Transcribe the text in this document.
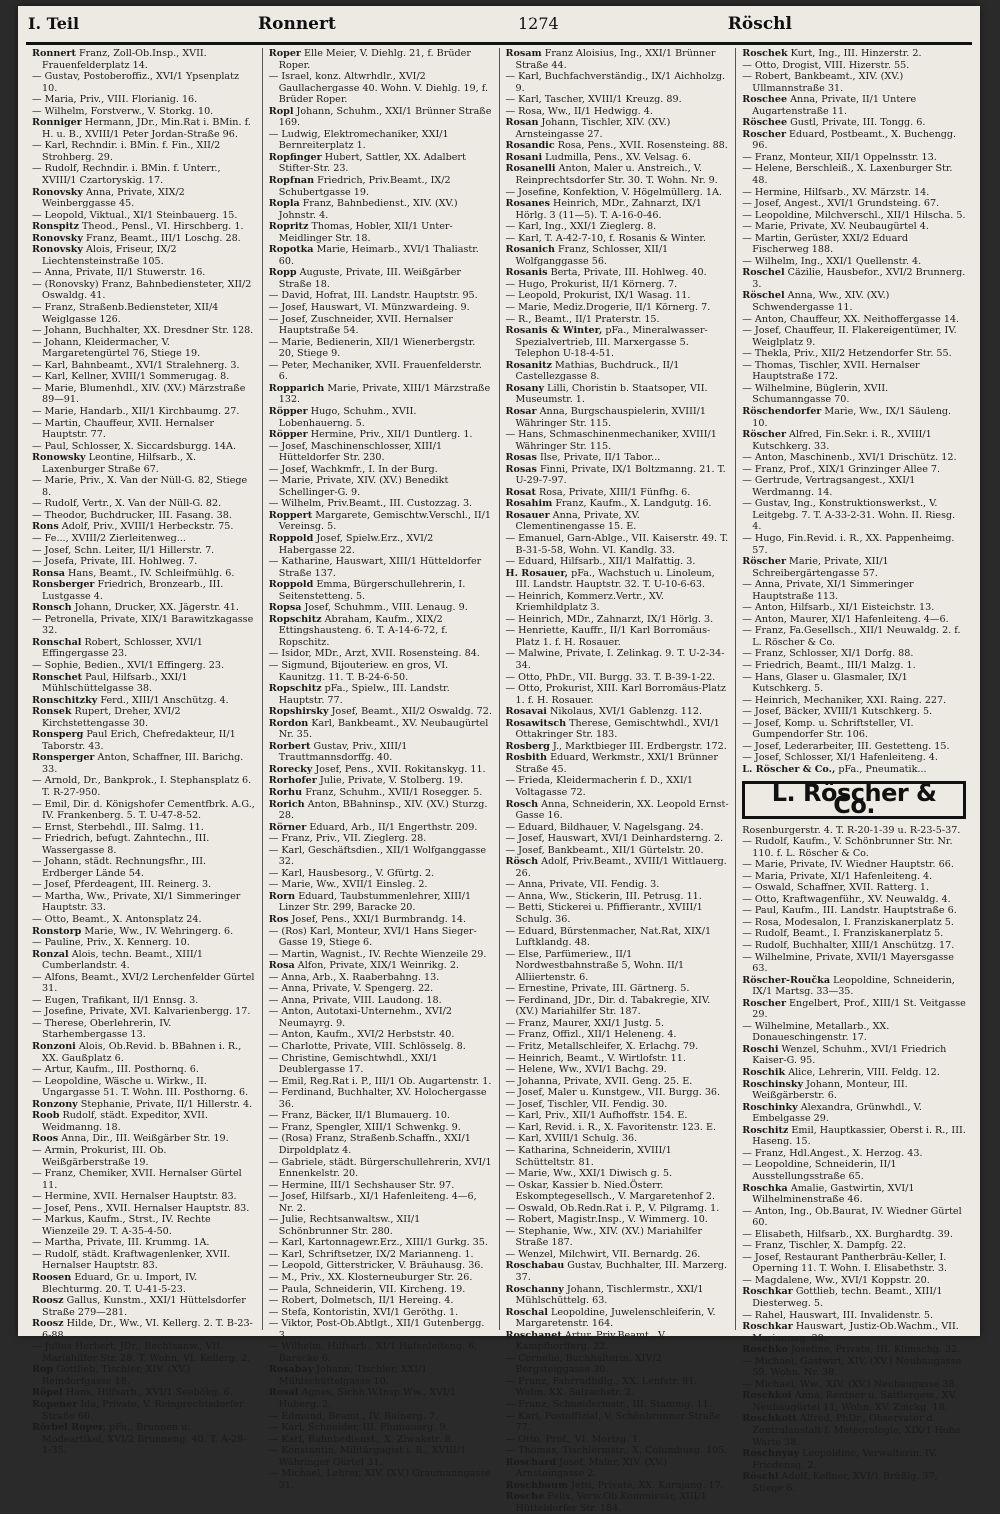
I. Teil	Ronnert	1274	Röschl

Ronnert Franz, Zoll-Ob.Insp., XVII. Frauenfelderplatz 14.

— Gustav, Postoberoffiz., XVI/1 Ypsenplatz 10.

— Maria, Priv., VIII. Florianig. 16.

— Wilhelm, Forstverw., V. Storkg. 10.

Ronniger Hermann, JDr., Min.Rat i. BMin. f. H. u. B., XVIII/1 Peter Jordan-Straße 96.

— Karl, Rechndir. i. BMin. f. Fin., XII/2 Strohberg. 29.

— Rudolf, Rechndir. i. BMin. f. Unterr., XVIII/1 Czartoryskig. 17.

Ronovsky Anna, Private, XIX/2 Weinberggasse 45.

— Leopold, Viktual., XI/1 Steinbauerg. 15.

Ronspitz Theod., Pensl., VI. Hirschberg. 1.

Ronovsky Franz, Beamt., III/1 Loschg. 28.

Ronovsky Alois, Friseur, IX/2 Liechtensteinstraße 105.

— Anna, Private, II/1 Stuwerstr. 16.

— (Ronovsky) Franz, Bahnbediensteter, XII/2 Oswaldg. 41.

— Franz, Straßenb.Bediensteter, XII/4 Weiglgasse 126.

— Johann, Buchhalter, XX. Dresdner Str. 128.

— Johann, Kleidermacher, V. Margaretengürtel 76, Stiege 19.

— Karl, Bahnbeamt., XVI/1 Stralehnerg. 3.

— Karl, Kellner, XVIII/1 Sommerugag. 8.

— Marie, Blumenhdl., XIV. (XV.) Märzstraße 89—91.

— Marie, Handarb., XII/1 Kirchbaumg. 27.

— Martin, Chauffeur, XVII. Hernalser Hauptstr. 77.

— Paul, Schlosser, X. Siccardsburgg. 14A.

Ronowsky Leontine, Hilfsarb., X. Laxenburger Straße 67.

— Marie, Priv., X. Van der Nüll-G. 82, Stiege 8.

— Rudolf, Vertr., X. Van der Nüll-G. 82.

— Theodor, Buchdrucker, III. Fasang. 38.

Rons Adolf, Priv., XVIII/1 Herbeckstr. 75.

— Fe..., XVIII/2 Zierleitenweg...

— Josef, Schn. Leiter, II/1 Hillerstr. 7.

— Josefa, Private, III. Hohlweg. 7.

Ronsa Hans, Beamt., IV. Schleifmühlg. 6.

Ronsberger Friedrich, Bronzearb., III. Lustgasse 4.

Ronsch Johann, Drucker, XX. Jägerstr. 41.

— Petronella, Private, XIX/1 Barawitzkagasse 32.

Ronschal Robert, Schlosser, XVI/1 Effingergasse 23.

— Sophie, Bedien., XVI/1 Effingerg. 23.

Ronschet Paul, Hilfsarb., XXI/1 Mühlschüttelgasse 38.

Ronschitzky Ferd., XIII/1 Anschützg. 4.

Ronsek Rupert, Dreher, XVI/2 Kirchstettengasse 30.

Ronsperg Paul Erich, Chefredakteur, II/1 Taborstr. 43.

Ronsperger Anton, Schaffner, III. Barichg. 33.

— Arnold, Dr., Bankprok., I. Stephansplatz 6. T. R-27-950.

— Emil, Dir. d. Königshofer Cementfbrk. A.G., IV. Frankenberg. 5. T. U-47-8-52.

— Ernst, Sterbehdl., III. Salmg. 11.

— Friedrich, befugt. Zahntechn., III. Wassergasse 8.

— Johann, städt. Rechnungsfhr., III. Erdberger Lände 54.

— Josef, Pferdeagent, III. Reinerg. 3.

— Martha, Ww., Private, XI/1 Simmeringer Hauptstr. 33.

— Otto, Beamt., X. Antonsplatz 24.

Ronstorp Marie, Ww., IV. Wehringerg. 6.

— Pauline, Priv., X. Kennerg. 10.

Ronzal Alois, techn. Beamt., XIII/1 Cumberlandstr. 4.

— Alfons, Beamt., XVI/2 Lerchenfelder Gürtel 31.

— Eugen, Trafikant, II/1 Ennsg. 3.

— Josefine, Private, XVI. Kalvarienbergg. 17.

— Therese, Oberlehrerin, IV. Starhembergasse 13.

Ronzoni Alois, Ob.Revid. b. BBahnen i. R., XX. Gaußplatz 6.

— Artur, Kaufm., III. Posthornq. 6.

— Leopoldine, Wäsche u. Wirkw., II. Ungargasse 51. T. Wohn. III. Posthorng. 6.

Ronzony Stephanie, Private, II/1 Hillerstr. 4.

Roob Rudolf, städt. Expeditor, XVII. Weidmanng. 18.

Roos Anna, Dir., III. Weißgärber Str. 19.

— Armin, Prokurist, III. Ob. Weißgärberstraße 19.

— Franz, Chemiker, XVII. Hernalser Gürtel 11.

— Hermine, XVII. Hernalser Hauptstr. 83.

— Josef, Pens., XVII. Hernalser Hauptstr. 83.

— Markus, Kaufm., Strst., IV. Rechte Wienzeile 29. T. A-35-4-50.

— Martha, Private, III. Krummg. 1A.

— Rudolf, städt. Kraftwagenlenker, XVII. Hernalser Hauptstr. 83.

Roosen Eduard, Gr. u. Import, IV. Blechturmg. 20. T. U-41-5-23.

Roosz Gallus, Kunstm., XXI/1 Hüttelsdorfer Straße 279—281.

Roosz Hilde, Dr., Ww., VI. Kellerg. 2. T. B-23-6-88.

— Julius Herbert, JDr., Rechtsanw., VII. Mariahilfer Str. 28. T. Wohn. VI. Kellerg. 2.

Rop Gottlieb, Tischler, XIV. (XV.) Reindorfgasse 18.

Röpel Hans, Hilfsarb., XVI/1 Seebökg. 6.

Ropener Ida, Private, V. Reinprechtsdorfer Straße 60.

Rörbel Roper, pFa., Brunnen u. Modeartikel, XVI/2 Brunneng. 40. T. A-28-1-35.

Roper Elle Meier, V. Diehlg. 21, f. Brüder Roper.

— Israel, konz. Altwrhdlr., XVI/2 Gaullachergasse 40. Wohn. V. Diehlg. 19, f. Brüder Roper.

Ropl Johann, Schuhm., XXI/1 Brünner Straße 169.

— Ludwig, Elektromechaniker, XXI/1 Bernreiterplatz 1.

Ropfinger Hubert, Sattler, XX. Adalbert Stifter-Str. 23.

Ropfnan Friedrich, Priv.Beamt., IX/2 Schubertgasse 19.

Ropla Franz, Bahnbedienst., XIV. (XV.) Johnstr. 4.

Ropritz Thomas, Hobler, XII/1 Unter-Meidlinger Str. 18.

Ropotka Marie, Heimarb., XVI/1 Thaliastr. 60.

Ropp Auguste, Private, III. Weißgärber Straße 18.

— David, Hofrat, III. Landstr. Hauptstr. 95.

— Josef, Hauswart, VI. Münzwardeing. 9.

— Josef, Zuschneider, XVII. Hernalser Hauptstraße 54.

— Marie, Bedienerin, XII/1 Wienerbergstr. 20, Stiege 9.

— Peter, Mechaniker, XVII. Frauenfelderstr. 6.

Ropparich Marie, Private, XIII/1 Märzstraße 132.

Röpper Hugo, Schuhm., XVII. Lobenhauerng. 5.

Röpper Hermine, Priv., XII/1 Duntlerg. 1.

— Josef, Maschinenschlosser, XIII/1 Hütteldorfer Str. 230.

— Josef, Wachkmfr., I. In der Burg.

— Marie, Private, XIV. (XV.) Benedikt Schellinger-G. 9.

— Wilhelm, Priv.Beamt., III. Custozzag. 3.

Roppert Margarete, Gemischtw.Verschl., II/1 Vereinsg. 5.

Roppold Josef, Spielw.Erz., XVI/2 Habergasse 22.

— Katharine, Hauswart, XIII/1 Hütteldorfer Straße 137.

Roppold Emma, Bürgerschullehrerin, I. Seitenstetteng. 5.

Ropsa Josef, Schuhmm., VIII. Lenaug. 9.

Ropschitz Abraham, Kaufm., XIX/2 Ettingshausteng. 6. T. A-14-6-72, f. Ropschitz.

— Isidor, MDr., Arzt, XVII. Rosensteing. 84.

— Sigmund, Bijouteriew. en gros, VI. Kaunitzg. 11. T. B-24-6-50.

Ropschitz pFa., Spielw., III. Landstr. Hauptstr. 77.

Ropshirsky Josef, Beamt., XII/2 Oswaldg. 72.

Rordon Karl, Bankbeamt., XV. Neubaugürtel Nr. 35.

Rorbert Gustav, Priv., XIII/1 Trauttmannsdorffg. 40.

Rorecky Josef, Pens., XVII. Rokitanskyg. 11.

Rorhofer Julie, Private, V. Stolberg. 19.

Rorhu Franz, Schuhm., XVII/1 Rosegger. 5.

Rorich Anton, BBahninsp., XIV. (XV.) Sturzg. 28.

Rörner Eduard, Arb., II/1 Engerthstr. 209.

— Franz, Priv., VII. Zieglerg. 28.

— Karl, Geschäftsdien., XII/1 Wolfganggasse 32.

— Karl, Hausbesorg., V. Gfürtg. 2.

— Marie, Ww., XVII/1 Einsleg. 2.

Rorn Eduard, Taubstummenlehrer, XIII/1 Linzer Str. 299, Baracke 20.

Ros Josef, Pens., XXI/1 Burmbrandg. 14.

— (Ros) Karl, Monteur, XVI/1 Hans Sieger-Gasse 19, Stiege 6.

— Martin, Wagnist., IV. Rechte Wienzeile 29.

Rosa Alfon, Private, XIX/1 Weinrikg. 2.

— Anna, Arb., X. Raaberbahng. 13.

— Anna, Private, V. Spengerg. 22.

— Anna, Private, VIII. Laudong. 18.

— Anton, Autotaxi-Unternehm., XVI/2 Neumayrg. 9.

— Anton, Kaufm., XVI/2 Herbststr. 40.

— Charlotte, Private, VIII. Schlösselg. 8.

— Christine, Gemischtwhdl., XXI/1 Deublergasse 17.

— Emil, Reg.Rat i. P., III/1 Ob. Augartenstr. 1.

— Ferdinand, Buchhalter, XV. Holochergasse 36.

— Franz, Bäcker, II/1 Blumauerg. 10.

— Franz, Spengler, XIII/1 Schwenkg. 9.

— (Rosa) Franz, Straßenb.Schaffn., XXI/1 Dirpoldplatz 4.

— Gabriele, städt. Bürgerschullehrerin, XVI/1 Ennenkelstr. 20.

— Hermine, III/1 Sechshauser Str. 97.

— Josef, Hilfsarb., XI/1 Hafenleiteng. 4—6, Nr. 2.

— Julie, Rechtsanwaltsw., XII/1 Schönbrunner Str. 280.

— Karl, Kartonnagewr.Erz., XIII/1 Gurkg. 35.

— Karl, Schriftsetzer, IX/2 Marianneng. 1.

— Leopold, Gitterstricker, V. Bräuhausg. 36.

— M., Priv., XX. Klosterneuburger Str. 26.

— Paula, Schneiderin, VII. Kircheng. 19.

— Robert, Dolmetsch, II/1 Hereing. 4.

— Stefa, Kontoristin, XVI/1 Geröthg. 1.

— Viktor, Post-Ob.Abtlgt., XII/1 Gutenbergg. 3.

— Wilhelm, Hilfsarb., XI/1 Hafenleiteng. 6, Baracke 6.

Rosabay Johann, Tischler, XXI/1 Mühlschüttelgasse 10.

Rosal Agnes, Sichh.W.Insp.Ww., XVI/1 Huberg. 2.

— Edmund, Beamt., IV. Rainerg. 7.

— Karl, Schneider, III. Plumauerg. 9.

— Karl, Bahnbedienst., X. Ziwakstr. 8.

— Konstantin, Militärgagist i. R., XVIII/1 Währinger Gürtel 31.

— Michael, Lehrer, XIV. (XV.) Graumanngasse 31.

Rosam Franz Aloisius, Ing., XXI/1 Brünner Straße 44.

— Karl, Buchfachverständig., IX/1 Aichholzg. 9.

— Karl, Tascher, XVIII/1 Kreuzg. 89.

— Rosa, Ww., II/1 Hedwigg. 4.

Rosan Johann, Tischler, XIV. (XV.) Arnsteingasse 27.

Rosandic Rosa, Pens., XVII. Rosensteing. 88.

Rosani Ludmilla, Pens., XV. Velsag. 6.

Rosanelli Anton, Maler u. Anstreich., V. Reinprechtsdorfer Str. 30. T. Wohn. Nr. 9.

— Josefine, Konfektion, V. Högelmüllerg. 1A.

Rosanes Heinrich, MDr., Zahnarzt, IX/1 Hörlg. 3 (11—5). T. A-16-0-46.

— Karl, Ing., XXI/1 Zieglerg. 8.

— Karl, T. A-42-7-10, f. Rosanis & Winter.

Rosanich Franz, Schlosser, XII/1 Wolfganggasse 56.

Rosanis Berta, Private, III. Hohlweg. 40.

— Hugo, Prokurist, II/1 Körnerg. 7.

— Leopold, Prokurist, IX/1 Wasag. 11.

— Marie, Mediz.Drogerie, II/1 Körnerg. 7.

— R., Beamt., II/1 Praterstr. 15.

Rosanis & Winter, pFa., Mineralwasser-Spezialvertrieb, III. Marxergasse 5. Telephon U-18-4-51.

Rosanitz Mathias, Buchdruck., II/1 Castellezgasse 8.

Rosany Lilli, Choristin b. Staatsoper, VII. Museumstr. 1.

Rosar Anna, Burgschauspielerin, XVIII/1 Währinger Str. 115.

— Hans, Schmaschinenmechaniker, XVIII/1 Währinger Str. 115.

Rosas Ilse, Private, II/1 Tabor...

Rosas Finni, Private, IX/1 Boltzmanng. 21. T. U-29-7-97.

Rosat Rosa, Private, XIII/1 Fünfhg. 6.

Rosahim Franz, Kaufm., X. Landgutg. 16.

Rosauer Anna, Private, XV. Clementinengasse 15. E.

— Emanuel, Garn-Ablge., VII. Kaiserstr. 49. T. B-31-5-58, Wohn. VI. Kandlg. 33.

— Eduard, Hilfsarb., XII/1 Malfattig. 3.

H. Rosauer, pFa., Wachstuch u. Linoleum, III. Landstr. Hauptstr. 32. T. U-10-6-63.

— Heinrich, Kommerz.Vertr., XV. Kriemhildplatz 3.

— Heinrich, MDr., Zahnarzt, IX/1 Hörlg. 3.

— Henriette, Kauffr., II/1 Karl Borromäus-Platz 1. f. H. Rosauer.

— Malwine, Private, I. Zelinkag. 9. T. U-2-34-34.

— Otto, PhDr., VII. Burgg. 33. T. B-39-1-22.

— Otto, Prokurist, XIII. Karl Borromäus-Platz 1. f. H. Rosauer.

Rosavai Nikolaus, XVI/1 Gablenzg. 112.

Rosawitsch Therese, Gemischtwhdl., XVI/1 Ottakringer Str. 183.

Rosberg J., Marktbieger III. Erdbergstr. 172.

Rosbith Eduard, Werkmstr., XXI/1 Brünner Straße 45.

— Frieda, Kleidermacherin f. D., XXI/1 Voltagasse 72.

Rosch Anna, Schneiderin, XX. Leopold Ernst-Gasse 16.

— Eduard, Bildhauer, V. Nagelsgang. 24.

— Josef, Hauswart, XVI/1 Deinhardsterng. 2.

— Josef, Bankbeamt., XII/1 Gürtelstr. 20.

Rösch Adolf, Priv.Beamt., XVIII/1 Wittlauerg. 26.

— Anna, Private, VII. Fendig. 3.

— Anna, Ww., Stickerin, III. Petrusg. 11.

— Betti, Stickerei u. Pfiffierantr., XVIII/1 Schulg. 36.

— Eduard, Bürstenmacher, Nat.Rat, XIX/1 Luftklandg. 48.

— Else, Parfümeriew., II/1 Nordwestbahnstraße 5, Wohn. II/1 Alliiertenstr. 6.

— Ernestine, Private, III. Gärtnerg. 5.

— Ferdinand, JDr., Dir. d. Tabakregie, XIV. (XV.) Mariahilfer Str. 187.

— Franz, Maurer, XXI/1 Justg. 5.

— Franz, Offizl., XII/1 Heleneng. 4.

— Fritz, Metallschleifer, X. Erlachg. 79.

— Heinrich, Beamt., V. Wirtlofstr. 11.

— Helene, Ww., XVI/1 Bachg. 29.

— Johanna, Private, XVII. Geng. 25. E.

— Josef, Maler u. Kunstgew., VII. Burgg. 36.

— Josef, Tischler, VII. Fendig. 30.

— Karl, Priv., XII/1 Aufhoffstr. 154. E.

— Karl, Revid. i. R., X. Favoritenstr. 123. E.

— Karl, XVIII/1 Schulg. 36.

— Katharina, Schneiderin, XVIII/1 Schütteltstr. 81.

— Marie, Ww., XXI/1 Diwisch g. 5.

— Oskar, Kassier b. Nied.Österr. Eskomptegesellsch., V. Margaretenhof 2.

— Oswald, Ob.Redn.Rat i. P., V. Pilgramg. 1.

— Robert, Magistr.Insp., V. Wimmerg. 10.

— Stephanie, Ww., XIV. (XV.) Mariahilfer Straße 187.

— Wenzel, Milchwirt, VII. Bernardg. 26.

Roschabau Gustav, Buchhalter, III. Marzerg. 37.

Roschanny Johann, Tischlermstr., XXI/1 Mühlschüttelg. 63.

Roschal Leopoldine, Juwelenschleiferin, V. Margaretenstr. 164.

Roschanet Artur, Priv.Beamt., V. Kampfhorfferg. 22.

— Cornelie, Buchhalterin, XIV/2 Bergsteiggasse 30.

— Franz, Fahrradhdlg., XX. Lenfstr. 81. Wohn. XX. Salzachstr. 2.

— Franz, Schneidermstr., III. Stammg. 11.

— Karl, Postoffizial, V. Schönbrunner Straße 77.

— Otto, Prof., VI. Morizg. 1.

— Thomas, Tischlermstr., X. Columbusg. 105.

Roschard Josef, Maler, XIV. (XV.) Arnsteingasse 2.

Roschbaum Jetti, Private, XX. Karajang. 17.

Rosche Felix, Verw.Ob.Kommissär, XIII/1 Hütteldorfer Str. 184.

Roschek Kurt, Ing., III. Hinzerstr. 2.

— Otto, Drogist, VIII. Hizerstr. 55.

— Robert, Bankbeamt., XIV. (XV.) Ullmannstraße 31.

Roschee Anna, Private, II/1 Untere Augartenstraße 11.

Röschee Gustl, Private, III. Tongg. 6.

Roscher Eduard, Postbeamt., X. Buchengg. 96.

— Franz, Monteur, XII/1 Oppelnsstr. 13.

— Helene, Berschleiß., X. Laxenburger Str. 48.

— Hermine, Hilfsarb., XV. Märzstr. 14.

— Josef, Angest., XVI/1 Grundsteing. 67.

— Leopoldine, Milchverschl., XII/1 Hilscha. 5.

— Marie, Private, XV. Neubaugürtel 4.

— Martin, Gerüster, XXI/2 Eduard Fischerweg 188.

— Wilhelm, Ing., XXI/1 Quellenstr. 4.

Roschel Cäzilie, Hausbefor., XVI/2 Brunnerg. 3.

Röschel Anna, Ww., XIV. (XV.) Schwendergasse 11.

— Anton, Chauffeur, XX. Neithoffergasse 14.

— Josef, Chauffeur, II. Flakereigentümer, IV. Weiglplatz 9.

— Thekla, Priv., XII/2 Hetzendorfer Str. 55.

— Thomas, Tischler, XVII. Hernalser Hauptstraße 172.

— Wilhelmine, Büglerin, XVII. Schumanngasse 70.

Röschendorfer Marie, Ww., IX/1 Säuleng. 10.

Röscher Alfred, Fin.Sekr. i. R., XVIII/1 Kutschkerg. 33.

— Anton, Maschinenb., XVI/1 Drischütz. 12.

— Franz, Prof., XIX/1 Grinzinger Allee 7.

— Gertrude, Vertragsangest., XXI/1 Werdmanng. 14.

— Gustav, Ing., Konstruktionswerkst., V. Leitgebg. 7. T. A-33-2-31. Wohn. II. Riesg. 4.

— Hugo, Fin.Revid. i. R., XX. Pappenheimg. 57.

Röscher Marie, Private, XII/1 Schreibergärtengasse 57.

— Anna, Private, XI/1 Simmeringer Hauptstraße 113.

— Anton, Hilfsarb., XI/1 Eisteichstr. 13.

— Anton, Maurer, XI/1 Hafenleiteng. 4—6.

— Franz, Fa.Gesellsch., XII/1 Neuwaldg. 2. f. L. Röscher & Co.

— Franz, Schlosser, XI/1 Dorfg. 88.

— Friedrich, Beamt., III/1 Malzg. 1.

— Hans, Glaser u. Glasmaler, IX/1 Kutschkerg. 5.

— Heinrich, Mechaniker, XXI. Raing. 227.

— Josef, Bäcker, XVIII/1 Kutschkerg. 5.

— Josef, Komp. u. Schriftsteller, VI. Gumpendorfer Str. 106.

— Josef, Lederarbeiter, III. Gestetteng. 15.

— Josef, Schlosser, XI/1 Hafenleiteng. 4.

L. Röscher & Co., pFa., Pneumatik...

L. Röscher & Co.

Rosenburgerstr. 4. T. R-20-1-39 u. R-23-5-37.

— Rudolf, Kaufm., V. Schönbrunner Str. Nr. 110. f. L. Röscher & Co.

— Marie, Private, IV. Wiedner Hauptstr. 66.

— Maria, Private, XI/1 Hafenleiteng. 4.

— Oswald, Schaffner, XVII. Ratterg. 1.

— Otto, Kraftwagenführ., XV. Neuwaldg. 4.

— Paul, Kaufm., III. Landstr. Hauptstraße 6.

— Rosa, Modesalon, I. Franziskanerplatz 5.

— Rudolf, Beamt., I. Franziskanerplatz 5.

— Rudolf, Buchhalter, XIII/1 Anschützg. 17.

— Wilhelmine, Private, XVII/1 Mayersgasse 63.

Röscher-Roučka Leopoldine, Schneiderin, IX/1 Martsg. 33—35.

Roscher Engelbert, Prof., XIII/1 St. Veitgasse 29.

— Wilhelmine, Metallarb., XX. Donaueschingenstr. 17.

Roschi Wenzel, Schuhm., XVI/1 Friedrich Kaiser-G. 95.

Roschik Alice, Lehrerin, VIII. Feldg. 12.

Roschinsky Johann, Monteur, III. Weißgärberstr. 6.

Roschinky Alexandra, Grünwhdl., V. Embelgasse 29.

Roschitz Emil, Hauptkassier, Oberst i. R., III. Haseng. 15.

— Franz, Hdl.Angest., X. Herzog. 43.

— Leopoldine, Schneiderin, II/1 Ausstellungsstraße 65.

Roschka Amalie, Gastwirtin, XVI/1 Wilhelminenstraße 46.

— Anton, Ing., Ob.Baurat, IV. Wiedner Gürtel 60.

— Elisabeth, Hilfsarb., XX. Burghardtg. 39.

— Franz, Tischler, X. Dampfg. 22.

— Josef, Restaurant Pantherbräu-Keller, I. Operning 11. T. Wohn. I. Elisabethstr. 3.

— Magdalene, Ww., XVI/1 Koppstr. 20.

Roschkar Gottlieb, techn. Beamt., XIII/1 Diesterweg. 5.

— Rahel, Hauswart, III. Invalidenstr. 5.

Roschkar Hauswart, Justiz-Ob.Wachm., VII. Mariannag. 38.

Roschko Josefine, Private, III. Klimschg. 32.

— Michael, Gastwirt, XIV. (XV.) Neubaugasse 59. Wohn. Nr. 38.

— Michael, Ww., XIV. (XV.) Neubaugasse 38.

Roschkoi Anna, Rentner u. Sattlergew., XV. Neubaugürtel 11, Wohn. XV. Zinckg. 18.

Roschkott Alfred, PhDr., Observator d. Zentralanstalt f. Meteorologie, XIX/1 Hohe Warte 38.

Roschnyay Leopoldine, Verwalterin, IV. Friedensg. 2.

Röschl Adolf, Kellner, XVI/1 Brüßlg. 37, Stiege 6.
